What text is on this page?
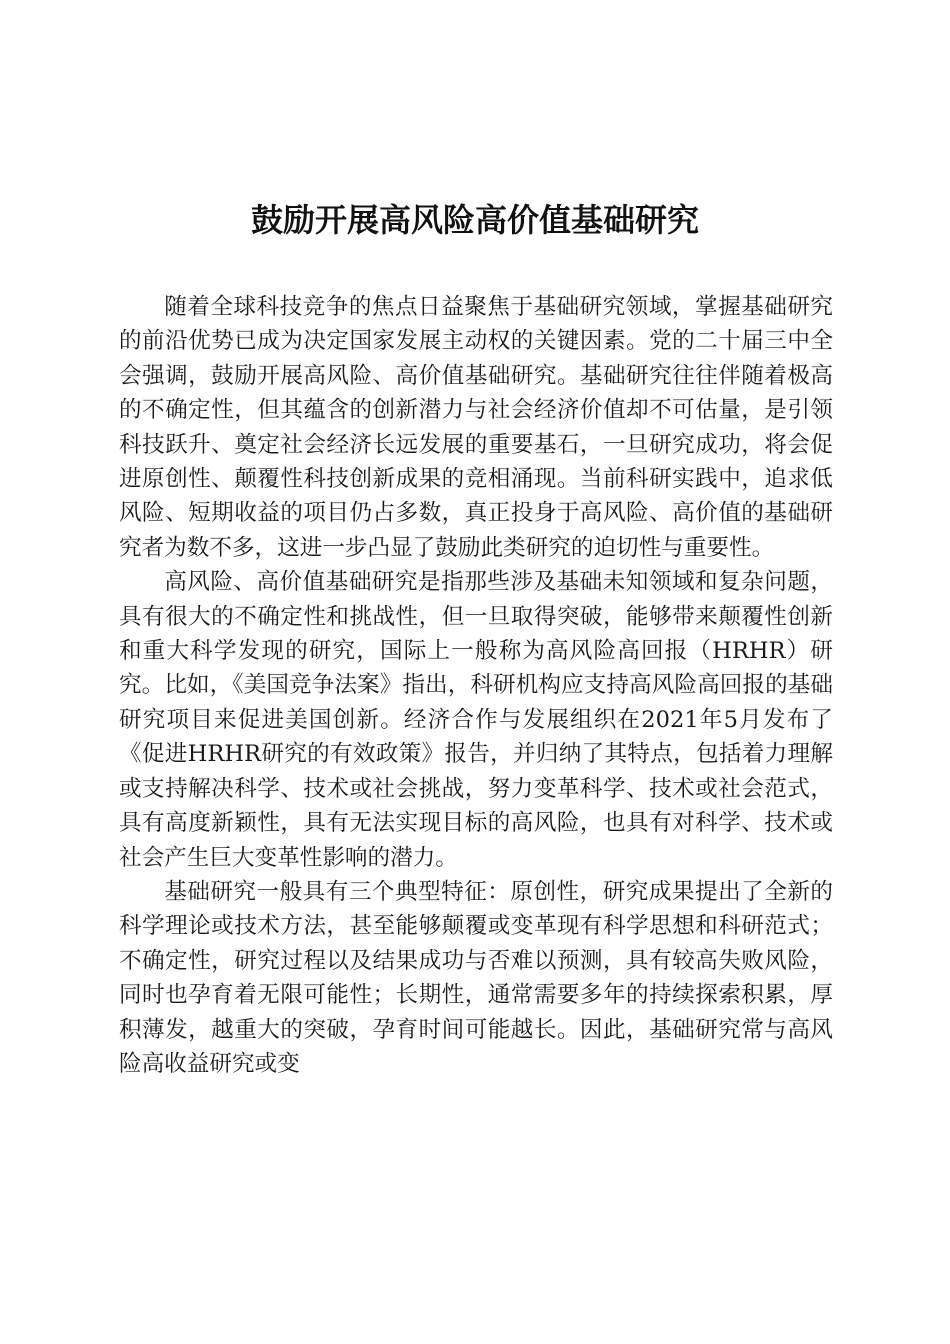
鼓励开展高风险高价值基础研究

随着全球科技竞争的焦点日益聚焦于基础研究领域，掌握基础研究的前沿优势已成为决定国家发展主动权的关键因素。党的二十届三中全会强调，鼓励开展高风险、高价值基础研究。基础研究往往伴随着极高的不确定性，但其蕴含的创新潜力与社会经济价值却不可估量，是引领科技跃升、奠定社会经济长远发展的重要基石，一旦研究成功，将会促进原创性、颠覆性科技创新成果的竞相涌现。当前科研实践中，追求低风险、短期收益的项目仍占多数，真正投身于高风险、高价值的基础研究者为数不多，这进一步凸显了鼓励此类研究的迫切性与重要性。

高风险、高价值基础研究是指那些涉及基础未知领域和复杂问题，具有很大的不确定性和挑战性，但一旦取得突破，能够带来颠覆性创新和重大科学发现的研究，国际上一般称为高风险高回报（HRHR）研究。比如，《美国竞争法案》指出，科研机构应支持高风险高回报的基础研究项目来促进美国创新。经济合作与发展组织在2021年5月发布了《促进HRHR研究的有效政策》报告，并归纳了其特点，包括着力理解或支持解决科学、技术或社会挑战，努力变革科学、技术或社会范式，具有高度新颖性，具有无法实现目标的高风险，也具有对科学、技术或社会产生巨大变革性影响的潜力。

基础研究一般具有三个典型特征：原创性，研究成果提出了全新的科学理论或技术方法，甚至能够颠覆或变革现有科学思想和科研范式；不确定性，研究过程以及结果成功与否难以预测，具有较高失败风险，同时也孕育着无限可能性；长期性，通常需要多年的持续探索积累，厚积薄发，越重大的突破，孕育时间可能越长。因此，基础研究常与高风险高收益研究或变
